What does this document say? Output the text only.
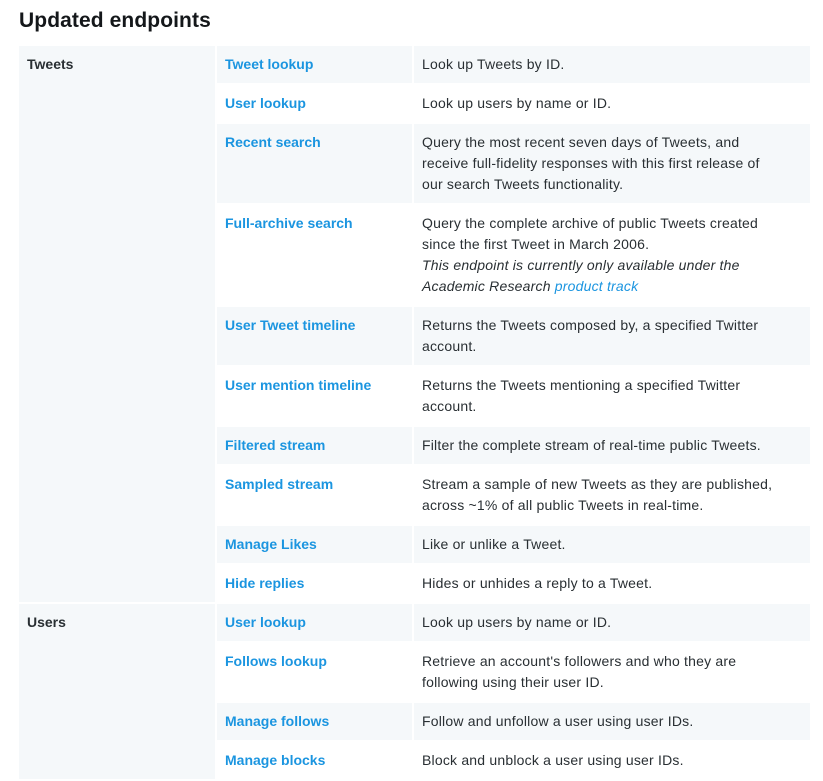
Updated endpoints
Tweets	Tweet lookup	Look up Tweets by ID.

	User lookup	Look up users by name or ID.

	Recent search	Query the most recent seven days of Tweets, and
receive full-fidelity responses with this first release of
our search Tweets functionality.

	Full-archive search	Query the complete archive of public Tweets created
since the first Tweet in March 2006.
This endpoint is currently only available under the
Academic Research product track

	User Tweet timeline	Returns the Tweets composed by, a specified Twitter
account.

	User mention timeline	Returns the Tweets mentioning a specified Twitter
account.

	Filtered stream	Filter the complete stream of real-time public Tweets.

	Sampled stream	Stream a sample of new Tweets as they are published,
across ~1% of all public Tweets in real-time.

	Manage Likes	Like or unlike a Tweet.

	Hide replies	Hides or unhides a reply to a Tweet.

Users	User lookup	Look up users by name or ID.

	Follows lookup	Retrieve an account's followers and who they are
following using their user ID.

	Manage follows	Follow and unfollow a user using user IDs.

	Manage blocks	Block and unblock a user using user IDs.
